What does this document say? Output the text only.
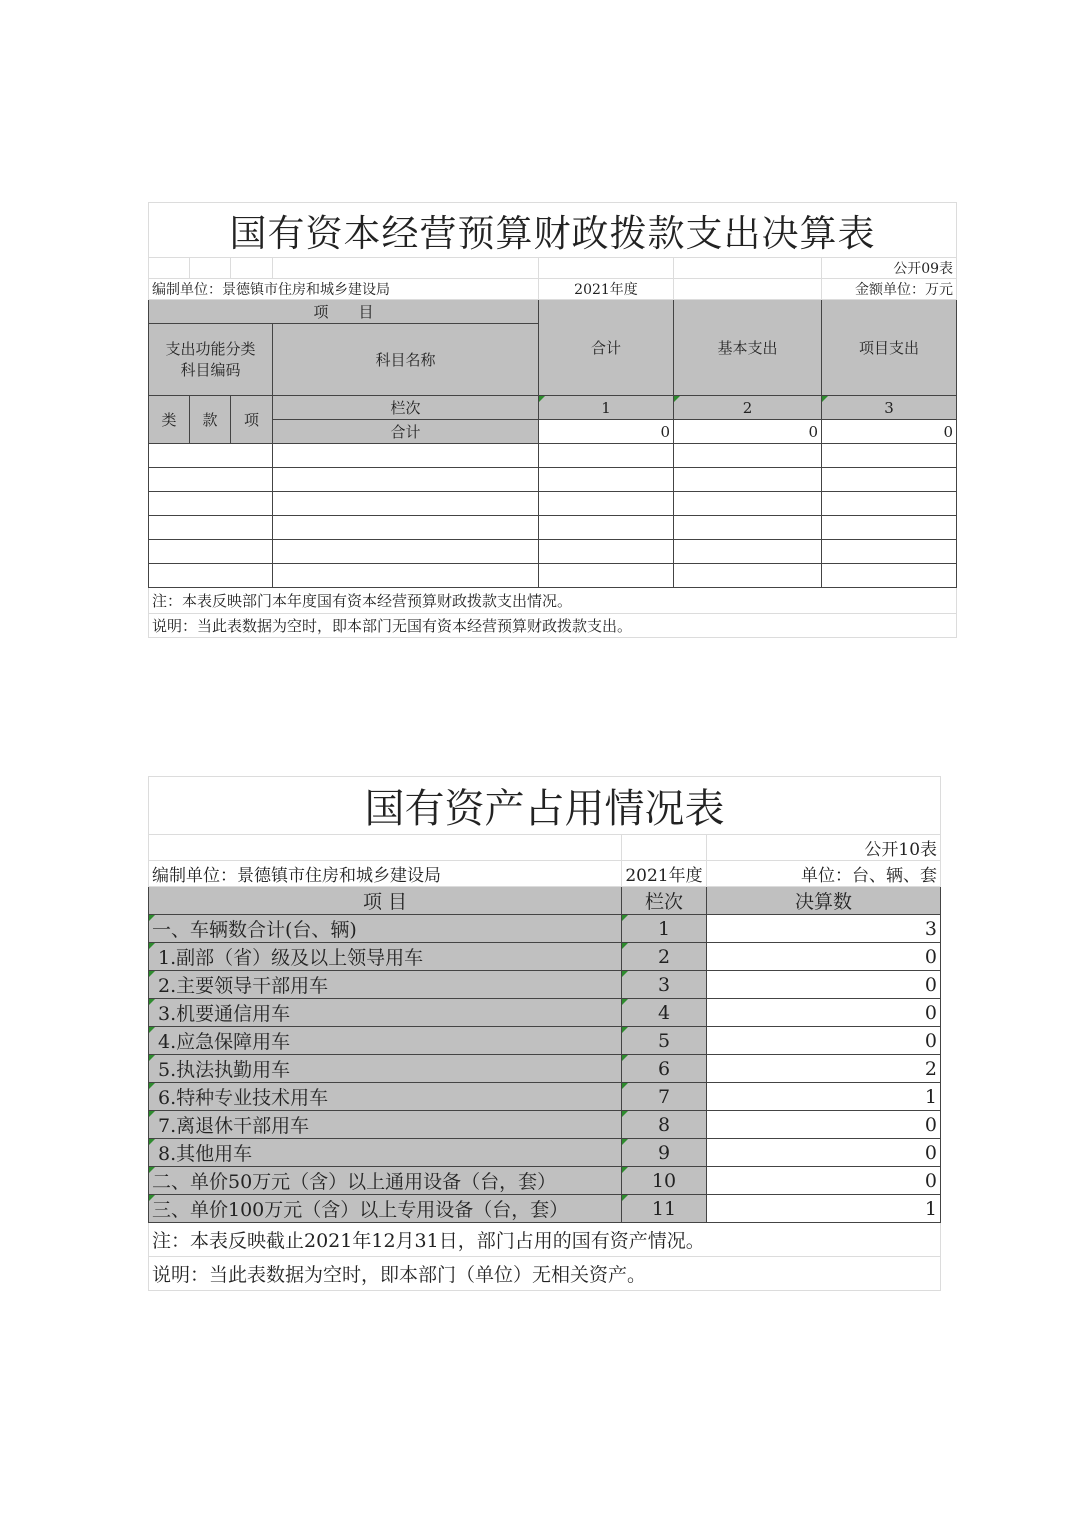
国有资本经营预算财政拨款支出决算表						
						公开09表
编制单位：景德镇市住房和城乡建设局				2021年度		金额单位：万元
项　　目				合计	基本支出	项目支出
支出功能分类
科目编码			科目名称			
类	款	项	栏次	1	2	3
			合计	0	0	0

注：本表反映部门本年度国有资本经营预算财政拨款支出情况。						
说明：当此表数据为空时，即本部门无国有资本经营预算财政拨款支出。						
国有资产占用情况表		
		公开10表
编制单位：景德镇市住房和城乡建设局	2021年度	单位：台、辆、套
项 目	栏次	决算数
一、车辆数合计(台、辆)	1	3
1.副部（省）级及以上领导用车	2	0
2.主要领导干部用车	3	0
3.机要通信用车	4	0
4.应急保障用车	5	0
5.执法执勤用车	6	2
6.特种专业技术用车	7	1
7.离退休干部用车	8	0
8.其他用车	9	0
二、单价50万元（含）以上通用设备（台，套）	10	0
三、单价100万元（含）以上专用设备（台，套）	11	1
注：本表反映截止2021年12月31日，部门占用的国有资产情况。		
说明：当此表数据为空时，即本部门（单位）无相关资产。		
